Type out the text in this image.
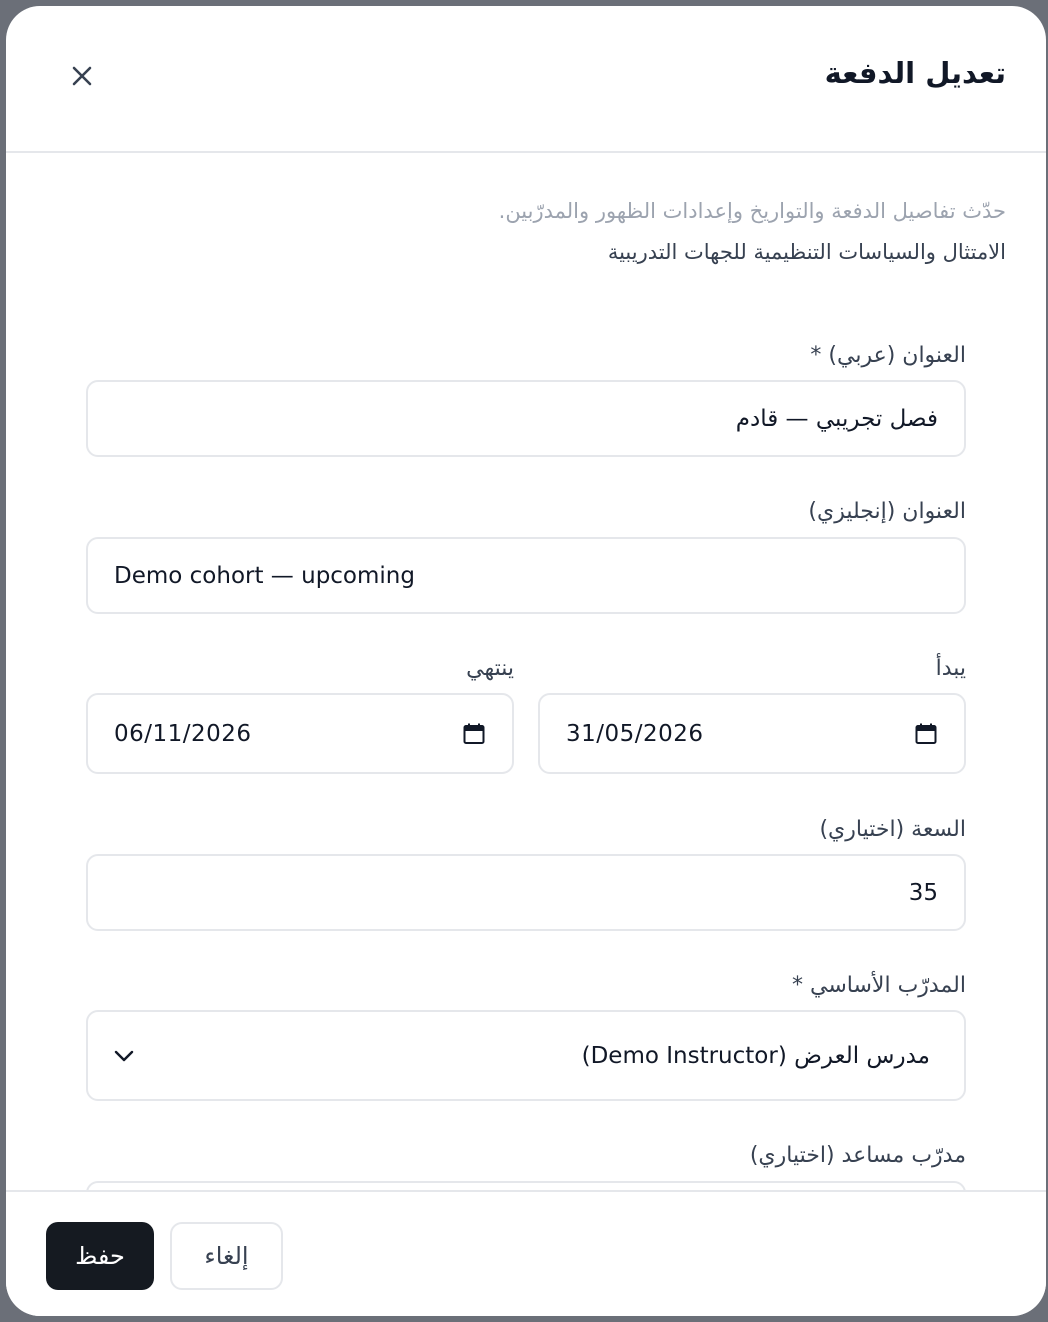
تعديل الدفعة
حدّث تفاصيل الدفعة والتواريخ وإعدادات الظهور والمدرّبين.
الامتثال والسياسات التنظيمية للجهات التدريبية
العنوان (عربي) *
فصل تجريبي — قادم
العنوان (إنجليزي)
Demo cohort — upcoming
يبدأ
31/05/2026
ينتهي
06/11/2026
السعة (اختياري)
35
المدرّب الأساسي *
مدرس العرض (Demo Instructor)
مدرّب مساعد (اختياري)
حفظ	إلغاء
